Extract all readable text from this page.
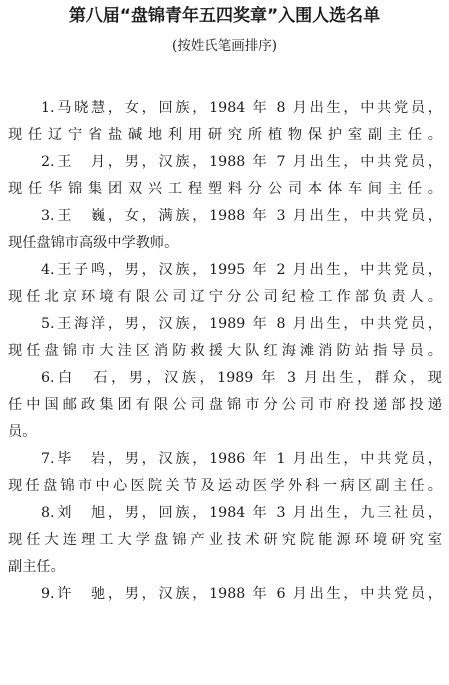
第八届“盘锦青年五四奖章”入围人选名单
(按姓氏笔画排序)
1.马晓慧，女，回族，1984 年 8 月出生，中共党员，
现任辽宁省盐碱地利用研究所植物保护室副主任。
2.王　月，男，汉族，1988 年 7 月出生，中共党员，
现任华锦集团双兴工程塑料分公司本体车间主任。
3.王　巍，女，满族，1988 年 3 月出生，中共党员，
现任盘锦市高级中学教师。
4.王子鸣，男，汉族，1995 年 2 月出生，中共党员，
现任北京环境有限公司辽宁分公司纪检工作部负责人。
5.王海洋，男，汉族，1989 年 8 月出生，中共党员，
现任盘锦市大洼区消防救援大队红海滩消防站指导员。
6.白　石，男，汉族，1989 年 3 月出生，群众，现
任中国邮政集团有限公司盘锦市分公司市府投递部投递
员。
7.毕　岩，男，汉族，1986 年 1 月出生，中共党员，
现任盘锦市中心医院关节及运动医学外科一病区副主任。
8.刘　旭，男，回族，1984 年 3 月出生，九三社员，
现任大连理工大学盘锦产业技术研究院能源环境研究室
副主任。
9.许　驰，男，汉族，1988 年 6 月出生，中共党员，
